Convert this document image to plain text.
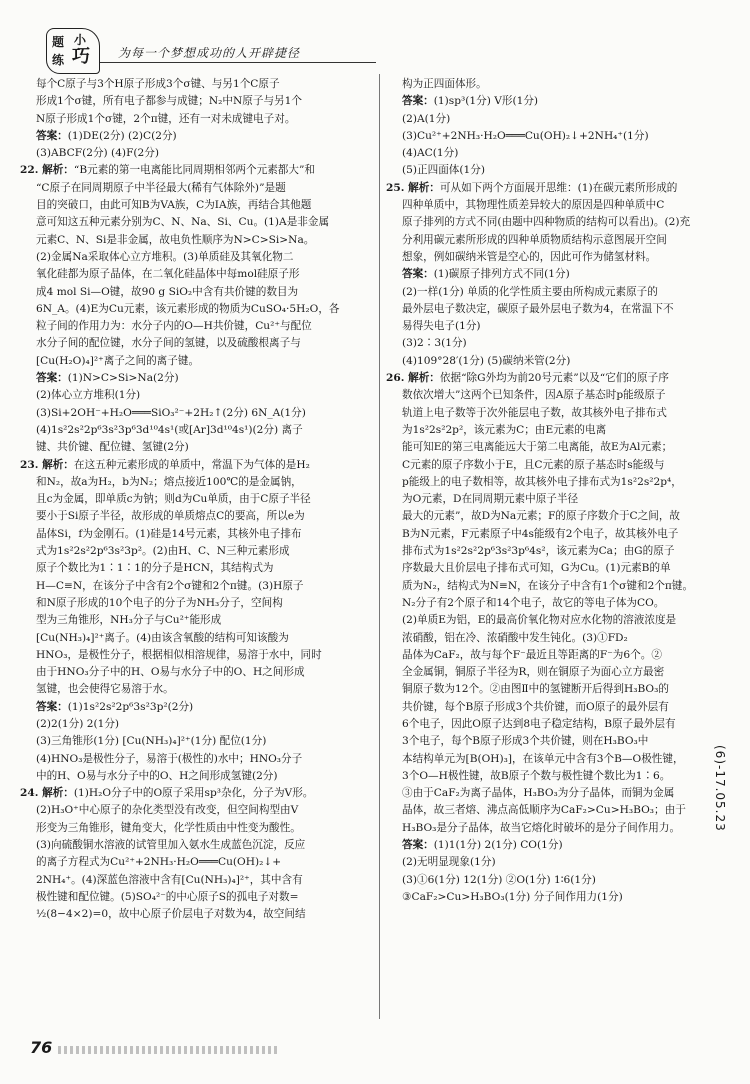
题
练
小
巧 为每一个梦想成功的人开辟捷径
每个C原子与3个H原子形成3个σ键、与另1个C原子
形成1个σ键，所有电子都参与成键；N₂中N原子与另1个
N原子形成1个σ键，2个π键，还有一对未成键电子对。
答案：(1)DE(2分) (2)C(2分)
(3)ABCF(2分) (4)F(2分)
22. 解析：“B元素的第一电离能比同周期相邻两个元素都大”和
“C原子在同周期原子中半径最大(稀有气体除外)”是题
目的突破口，由此可知B为VA族，C为IA族，再结合其他题
意可知这五种元素分别为C、N、Na、Si、Cu。(1)A是非金属
元素C、N、Si是非金属，故电负性顺序为N>C>Si>Na。
(2)金属Na采取体心立方堆积。(3)单质硅及其氧化物二
氧化硅都为原子晶体，在二氧化硅晶体中每mol硅原子形
成4 mol Si—O键，故90 g SiO₂中含有共价键的数目为
6N_A。(4)E为Cu元素，该元素形成的物质为CuSO₄·5H₂O，各
粒子间的作用力为：水分子内的O—H共价键，Cu²⁺与配位
水分子间的配位键，水分子间的氢键，以及硫酸根离子与
[Cu(H₂O)₄]²⁺离子之间的离子键。
答案：(1)N>C>Si>Na(2分)
(2)体心立方堆积(1分)
(3)Si+2OH⁻+H₂O═══SiO₃²⁻+2H₂↑(2分) 6N_A(1分)
(4)1s²2s²2p⁶3s²3p⁶3d¹⁰4s¹(或[Ar]3d¹⁰4s¹)(2分) 离子
键、共价键、配位键、氢键(2分)
23. 解析：在这五种元素形成的单质中，常温下为气体的是H₂
和N₂，故a为H₂，b为N₂；熔点接近100℃的是金属钠，
且c为金属，即单质c为钠；则d为Cu单质，由于C原子半径
要小于Si原子半径，故形成的单质熔点C的要高，所以e为
晶体Si，f为金刚石。(1)硅是14号元素，其核外电子排布
式为1s²2s²2p⁶3s²3p²。(2)由H、C、N三种元素形成
原子个数比为1∶1∶1的分子是HCN，其结构式为
H—C≡N，在该分子中含有2个σ键和2个π键。(3)H原子
和N原子形成的10个电子的分子为NH₃分子，空间构
型为三角锥形，NH₃分子与Cu²⁺能形成
[Cu(NH₃)₄]²⁺离子。(4)由该含氧酸的结构可知该酸为
HNO₃，是极性分子，根据相似相溶规律，易溶于水中，同时
由于HNO₃分子中的H、O易与水分子中的O、H之间形成
氢键，也会使得它易溶于水。
答案：(1)1s²2s²2p⁶3s²3p²(2分)
(2)2(1分) 2(1分)
(3)三角锥形(1分) [Cu(NH₃)₄]²⁺(1分) 配位(1分)
(4)HNO₃是极性分子，易溶于(极性的)水中；HNO₃分子
中的H、O易与水分子中的O、H之间形成氢键(2分)
24. 解析：(1)H₂O分子中的O原子采用sp³杂化，分子为V形。
(2)H₃O⁺中心原子的杂化类型没有改变，但空间构型由V
形变为三角锥形，键角变大，化学性质由中性变为酸性。
(3)向硫酸铜水溶液的试管里加入氨水生成蓝色沉淀，反应
的离子方程式为Cu²⁺+2NH₃·H₂O═══Cu(OH)₂↓+
2NH₄⁺。(4)深蓝色溶液中含有[Cu(NH₃)₄]²⁺，其中含有
极性键和配位键。(5)SO₄²⁻的中心原子S的孤电子对数=
½(8−4×2)=0，故中心原子价层电子对数为4，故空间结
构为正四面体形。
答案：(1)sp³(1分) V形(1分)
(2)A(1分)
(3)Cu²⁺+2NH₃·H₂O═══Cu(OH)₂↓+2NH₄⁺(1分)
(4)AC(1分)
(5)正四面体(1分)
25. 解析：可从如下两个方面展开思维：(1)在碳元素所形成的
四种单质中，其物理性质差异较大的原因是四种单质中C
原子排列的方式不同(由题中四种物质的结构可以看出)。(2)充
分利用碳元素所形成的四种单质物质结构示意图展开空间
想象，例如碳纳米管是空心的，因此可作为储氢材料。
答案：(1)碳原子排列方式不同(1分)
(2)一样(1分) 单质的化学性质主要由所构成元素原子的
最外层电子数决定，碳原子最外层电子数为4，在常温下不
易得失电子(1分)
(3)2∶3(1分)
(4)109°28′(1分) (5)碳纳米管(2分)
26. 解析：依据“除G外均为前20号元素”以及“它们的原子序
数依次增大”这两个已知条件，因A原子基态时p能级原子
轨道上电子数等于次外能层电子数，故其核外电子排布式
为1s²2s²2p²，该元素为C；由E元素的电离
能可知E的第三电离能远大于第二电离能，故E为Al元素；
C元素的原子序数小于E，且C元素的原子基态时s能级与
p能级上的电子数相等，故其核外电子排布式为1s²2s²2p⁴，
为O元素，D在同周期元素中原子半径
最大的元素”，故D为Na元素；F的原子序数介于C之间，故
B为N元素，F元素原子中4s能级有2个电子，故其核外电子
排布式为1s²2s²2p⁶3s²3p⁶4s²，该元素为Ca；由G的原子
序数最大且价层电子排布式可知，G为Cu。(1)元素B的单
质为N₂，结构式为N≡N，在该分子中含有1个σ键和2个π键。
N₂分子有2个原子和14个电子，故它的等电子体为CO。
(2)单质E为铝，E的最高价氧化物对应水化物的溶液浓度是
浓硝酸，铝在冷、浓硝酸中发生钝化。(3)①FD₂
晶体为CaF₂，故与每个F⁻最近且等距离的F⁻为6个。②
全金属铜，铜原子半径为R，则在铜原子为面心立方最密
铜原子数为12个。②由图Ⅱ中的氢键断开后得到H₃BO₃的
共价键，每个B原子形成3个共价键，而O原子的最外层有
6个电子，因此O原子达到8电子稳定结构，B原子最外层有
3个电子，每个B原子形成3个共价键，则在H₃BO₃中
本结构单元为[B(OH)₃]，在该单元中含有3个B—O极性键，
3个O—H极性键，故B原子个数与极性键个数比为1∶6。
③由于CaF₂为离子晶体，H₃BO₃为分子晶体，而铜为金属
晶体，故三者熔、沸点高低顺序为CaF₂>Cu>H₃BO₃；由于
H₃BO₃是分子晶体，故当它熔化时破坏的是分子间作用力。
答案：(1)1(1分) 2(1分) CO(1分)
(2)无明显现象(1分)
(3)①6(1分) 12(1分) ②O(1分) 1∶6(1分)
③CaF₂>Cu>H₃BO₃(1分) 分子间作用力(1分)
(6)-17.05.23
76
